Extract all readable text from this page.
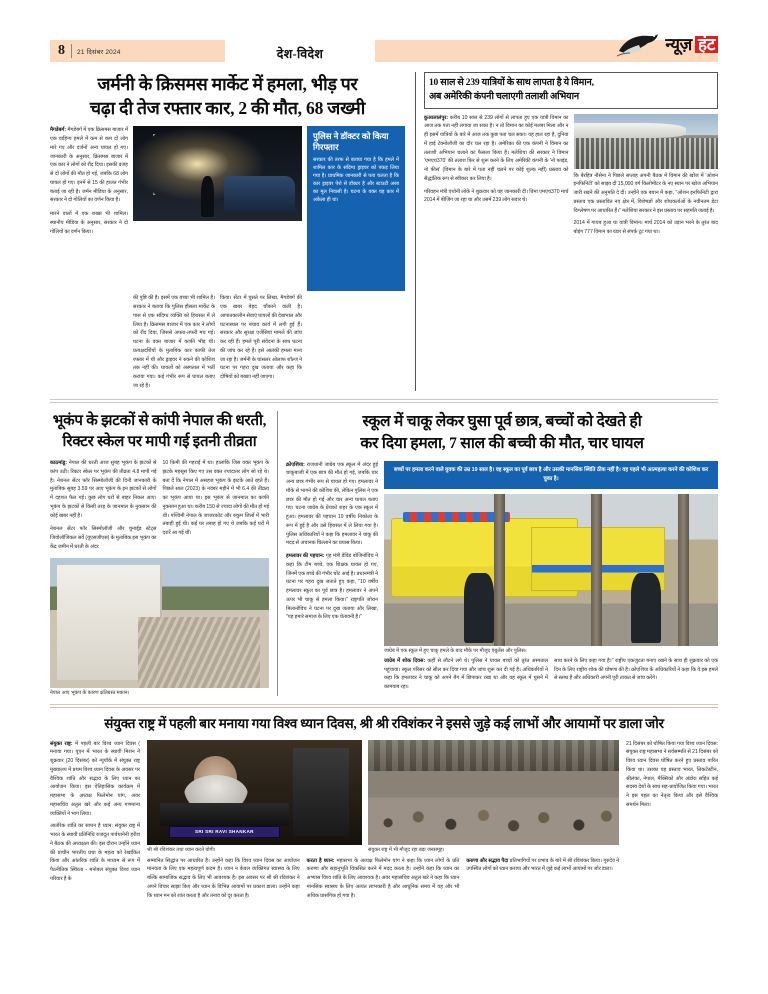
8	21 दिसंबर 2024	देश-विदेश	न्यूज़ हंट
जर्मनी के क्रिसमस मार्केट में हमला, भीड़ पर
चढ़ा दी तेज रफ्तार कार, 2 की मौत, 68 जख्मी

मैगडेबर्ग: मैगडेबर्ग में एक क्रिसमस बाजार में एक वाहिन्य हमले में कम से कम दो लोग मारे गए और दर्जनों अन्य घायल हो गए। जानकारी के अनुसार, क्रिसमस बाजार में एक कार ने लोगों को रौंद दिया। इसकी वजह से दो लोगों की मौत हो गई, जबकि 68 लोग घायल हो गए। इनमें से 15 की हालत गंभीर बताई जा रही है। जर्मन मीडिया के अनुसार, सरकार ने दो गोलियों का वर्णन किया है।

मारने वालों में एक शख्स भी शामिल। स्थानीय मीडिया के अनुसार, सरकार ने दो गोलियों का वर्णन किया।

पुलिस ने डॉक्टर को किया गिरफ्तार
सरकार की तरफ से बताया गया है कि हमले में शामिल कार के संदिग्ध ड्राइवर को पकड़ लिया गया है। प्राथमिक जानकारी से पता चलता है कि कार ड्राइवर पेशे से डॉक्टर है और स्टाउटी अरब का मूल निवासी है। घटना के वक्त वह कार में अकेला ही था।

की पुष्टि की है। इसमें एक बच्चा भी शामिल है। सरकार ने बताया कि पुलिस हौसला मार्केट के पास से एक संदिग्ध व्यक्ति को हिरासत में ले लिया है। क्रिसमस बाजार में एक कार ने लोगों को रौंद दिया, जिससे अफरा-तफरी मच गई। घटना के वक्त बाजार में काफी भीड़ थी। प्रत्यक्षदर्शियों के मुताबिक कार काफी तेज रफ्तार में थी और ड्राइवर ने रुकने की कोशिश तक नहीं की। घायलों को अस्पताल में भर्ती कराया गया। कई गंभीर रूप से घायल बताए जा रहे हैं।

किया। सेंटर में घुसते पर लिखा, मैगडेबर्ग की एक खबर बेहद चौंकाने वाली है। आपातकालीन सेवाएं घायलों की देखभाल और घटनास्थल पर बचाव कार्य में लगी हुई हैं। सरकार और सुरक्षा एजेंसियां मामले की जांच कर रही हैं। हमले पूरी संवेदना के साथ घटना की जांच कर रहे हैं। इसे आतंकी हमला माना जा रहा है। जर्मनी के चांसलर ओलाफ शॉल्ज ने घटना पर गहरा दुख जताया और कहा कि दोषियों को बख्शा नहीं जाएगा।

10 साल से 239 यात्रियों के साथ लापता है ये विमान,
अब अमेरिकी कंपनी चलाएगी तलाशी अभियान

कुआलालंपुर: करीब 10 साल से 239 लोगों से लापता हुए एक यात्री विमान का आज तक पता नहीं लगाया जा सका है। न तो विमान का कोई मलबा मिला और न ही इसमें यात्रियों के बारे में आज तक कुछ पता चल सका। यह हाल रहा है, दुनिया में हाई टेक्नोलॉजी का दौर चल रहा है। अमेरिका की एक कंपनी ने विमान का तलाशी अभियान चलाने का फैसला किया है। मलेशिया की सरकार ने विमान 'एमएच370' की तलाश फिर से शुरू करने के लिए अमेरिकी कंपनी के 'नो फाइंड, नो फीस' (विमान के बारे में पता नहीं चलने पर कोई शुल्क नहीं) प्रस्ताव को सैद्धांतिक रूप से स्वीकार कर लिया है।

परिवहन मंत्री एंथोनी लोके ने शुक्रवार को यह जानकारी दी। विमा एमएच370 मार्च 2014 में बीजिंग जा रहा था और उसमें 239 लोग सवार थे।

कि बेरहित्र नौसेना ने पिछले सप्ताह अपनी बैठक में विमान की खोज में 'ओशन इनफिनिटी' को साझा दी 15,000 वर्ग किलोमीटर के नए स्थान पर खोज अभियान जारी रखने की अनुमति दे दी। उन्होंने एक बयान में कहा, "ओशन इनफिनिटी द्वारा प्रस्ताव एक प्रस्तावित नए क्षेत्र में, विशेषज्ञों और शोधकर्ताओं के नवीनतम डेटा विश्लेषण पर आधारित हैं।" मलेशिया सरकार ने इस प्रस्ताव पर सहमति जताई है।

2014 में गायब हुआ था यात्री विमान। मार्च 2014 को उड़ान भरने के तुरंत बाद बोइंग 777 विमान का रडार से संपर्क टूट गया था।

भूकंप के झटकों से कांपी नेपाल की धरती,
रिक्टर स्केल पर मापी गई इतनी तीव्रता

काठमांडू: नेपाल की धरती आज सुबह भूकंप के झटकों से कांप उठी। रिक्टर स्केल पर भूकंप की तीव्रता 4.8 मापी गई है। नेशनल सेंटर फॉर सिस्मोलॉजी की दिनी जानकारी के मुताबिक सुबह 3.59 पर आए भूकंप के इन झटकों से लोगों में दहशत फैल गई। कुछ लोग घरों से बाहर निकल आए। भूकंप के झटकों से किसी तरह के जानमाल के नुकसान की कोई खबर नहीं है।

नेशनल सेंटर फॉर सिस्मोलॉजी और चुनाई्ड स्टेट्स जियोलॉजिकल सर्वे (यूएसजीएस) के मुताबिक इस भूकंप का केंद्र जमीन में धरती के अंदर

10 किमी की गहराई में था। हालांकि जिस वक्त भूकंप के झटके महसूस किए गए उस वक्त ज्यादातर लोग सो रहे थे। बता दें कि नेपाल में असहज भूकंप के झटके आते रहते हैं। पिछले साल (2023) के नवंबर महीने में भी 6.4 की तीव्रता का भूकंप आया था। इस भूकंप से जानमाल का काफी नुकसान हुआ था। करीब 150 से ज्यादा लोगों की मौत हो गई थी। पश्चिमी नेपाल के जाजरकोट और रुकुम जिलों में भारी तबाही हुई थी। कई घर तबाह हो गए थे जबकि कई घरों में दरारें आ गई थीं।

नेपाल आए भूकंप के कारण क्षतिग्रस्त मकान।
स्कूल में चाकू लेकर घुसा पूर्व छात्र, बच्चों को देखते ही
कर दिया हमला, 7 साल की बच्ची की मौत, चार घायल

क्रोएशिया: राजधानी जाग्रेब एक स्कूल में अंदर हुई चाकूबाजी में एक छात्र की मौत हो गई, जबकि चार अन्य छात्र गंभीर रूप से घायल हो गए। हमलावर ने मौके से भागने की कोशिश की, लेकिन पुलिस ने एक छात्र की मौत हो गई और चार अन्य घायल बताए गए। घटना जाग्रेब के प्रेचको शहर के एक स्कूल में हुआ। हमलावर की पहचान 19 वर्षीय निकोला के रूप में हुई है और उसे हिरासत में ले लिया गया है। पुलिस अधिकारियों ने कहा कि हमलावर ने चाकू की मदद से अचानक चिल्लाने का प्रयास किया।

हमलावर की पहचान: गृह मंत्री डेविड बोजिनोविच ने कहा कि टीम बच्चे, एक शिक्षक घायल हो गए, जिनमें एक बच्चे की गंभीर चोट आई है। प्रधानमंत्री ने घटना पर गहरा दुख जताते हुए कहा, "10 वर्षीय हमलावर स्कूल का पूर्व छात्र है। हमलावर ने अपने ऊपर भी चाकू से हमला किया।" राष्ट्रपति जोरान मिलानोविच ने घटना पर दुख जताया और लिखा, "यह हमारे समाज के लिए एक चेतावनी है।"

बच्चों पर हमला करने वाले युवक की उम्र 19 साल है। वह स्कूल का पूर्व छात्र है और उसकी मानसिक स्थिति ठीक नहीं है। वह पहले भी आत्महत्या करने की कोशिश कर चुका है।
जाग्रेब में एक स्कूल में हुए चाकू हमले के बाद मौके पर मौजूद एंबुलेंस और पुलिस।

जाग्रेब में शोक दिवस: कहीं से लौटने लगे थे। पुलिस ने घायल बच्चों को तुरंत अस्पताल पहुंचाया। स्कूल परिसर को सील कर दिया गया और जांच शुरू कर दी गई है। अधिकारियों ने कहा कि हमलावर ने चाकू को अपने बैग में छिपाकर रखा था और वह स्कूल में घुसने में कामयाब रहा।

साथ करने के लिए कहा गया है।" राष्ट्रीय एकजुटता बनाए रखने के साथ ही शुक्रवार को एक दिन के लिए राष्ट्रीय शोक की घोषणा की है। क्रोएशिया के अधिकारियों ने कहा कि वे इस हमले से स्तब्ध हैं और अधिकारी अपनी पूरी ताकत से जांच करेंगे।

संयुक्त राष्ट्र में पहली बार मनाया गया विश्व ध्यान दिवस, श्री श्री रविशंकर ने इससे जुड़े कई लाभों और आयामों पर डाला जोर

संयुक्त राष्ट्र: में पहली बार विश्व ध्यान दिवस ( मनाया गया। यूएन में भारत के स्थायी मिशन ने शुक्रवार (20 दिसंबर) को न्यूयॉर्क में संयुक्त राष्ट्र मुख्यालय में प्रथम विश्व ध्यान दिवस के अवसर पर वैश्विक शांति और सद्भाव के लिए ध्यान का आयोजन किया। इस ऐतिहासिक कार्यक्रम में महासभा के अध्यक्ष फिलेमोन यांग, अवर महासचिव अतुल खरे और कई अन्य गणमान्य व्यक्तियों ने भाग लिया।

आतंरिक शांति का साधन है ध्यान: संयुक्त राष्ट्र में भारत के स्थायी प्रतिनिधि राजदूत पार्वथानेनी हरीश ने बैठक की अध्यक्षता की। इस दौरान उन्होंने ध्यान की प्राचीन भारतीय प्रथा के महत्व को रेखांकित किया और आंतरिक शांति के माध्यम से रूप में पैठनीतिक स्थिरता - मनोबल संयुक्त विश्व ध्यान परिवार है के

SRI SRI RAVI SHANKAR
श्री श्री रविशंकर तथा ध्यान करते योगी।	संयुक्त राष्ट्र में भी मौजूद रहा बड़ा जनसमूह।

सम्मानित सिद्धांत पर आधारित है। उन्होंने कहा कि विश्व ध्यान दिवस का आयोजन मानवता के लिए एक महत्वपूर्ण कदम है। ध्यान न केवल व्यक्तिगत स्वास्थ्य के लिए बल्कि सामाजिक सद्भाव के लिए भी आवश्यक है। इस अवसर पर श्री श्री रविशंकर ने अपने विचार साझा किए और ध्यान के विभिन्न आयामों पर प्रकाश डाला। उन्होंने कहा कि ध्यान मन को शांत करता है और तनाव को दूर करता है।

करता है ध्यान: महासभा के अध्यक्ष फिलेमोन यांग ने कहा कि ध्यान लोगों के प्रति करुणा और सहानुभूति विकसित करने में मदद करता है। उन्होंने कहा कि ध्यान का अभ्यास विश्व शांति के लिए आवश्यक है। अवर महासचिव अतुल खरे ने कहा कि ध्यान मानसिक स्वास्थ्य के लिए अत्यंत लाभकारी है और आधुनिक समय में यह और भी अधिक प्रासंगिक हो गया है।

करुणा और सद्भाव पैदा प्रतिभागियों पर प्रभाव के बारे में श्री रविशंकर किया। गुरुदेव ने उपस्थित लोगों को ध्यान कराया और भारत में जुड़े कई लाभों आयामों पर जोर डाला।

21 दिसंबर को घोषित किया गया विश्व ध्यान दिवस: संयुक्त राष्ट्र महासभा ने सर्वसम्मति से 21 दिसंबर को विश्व ध्यान दिवस घोषित करने हुए प्रस्ताव पारित किया था। उसका यह प्रस्ताव भारत, लिकटेंस्टीन, श्रीलंका, नेपाल, मैक्सिको और अंडोरा सहित कई सदस्य देशों के साथ सह-प्रायोजित किया गया। भारत ने इस पहल का नेतृत्व किया और इसे वैश्विक समर्थन मिला।
